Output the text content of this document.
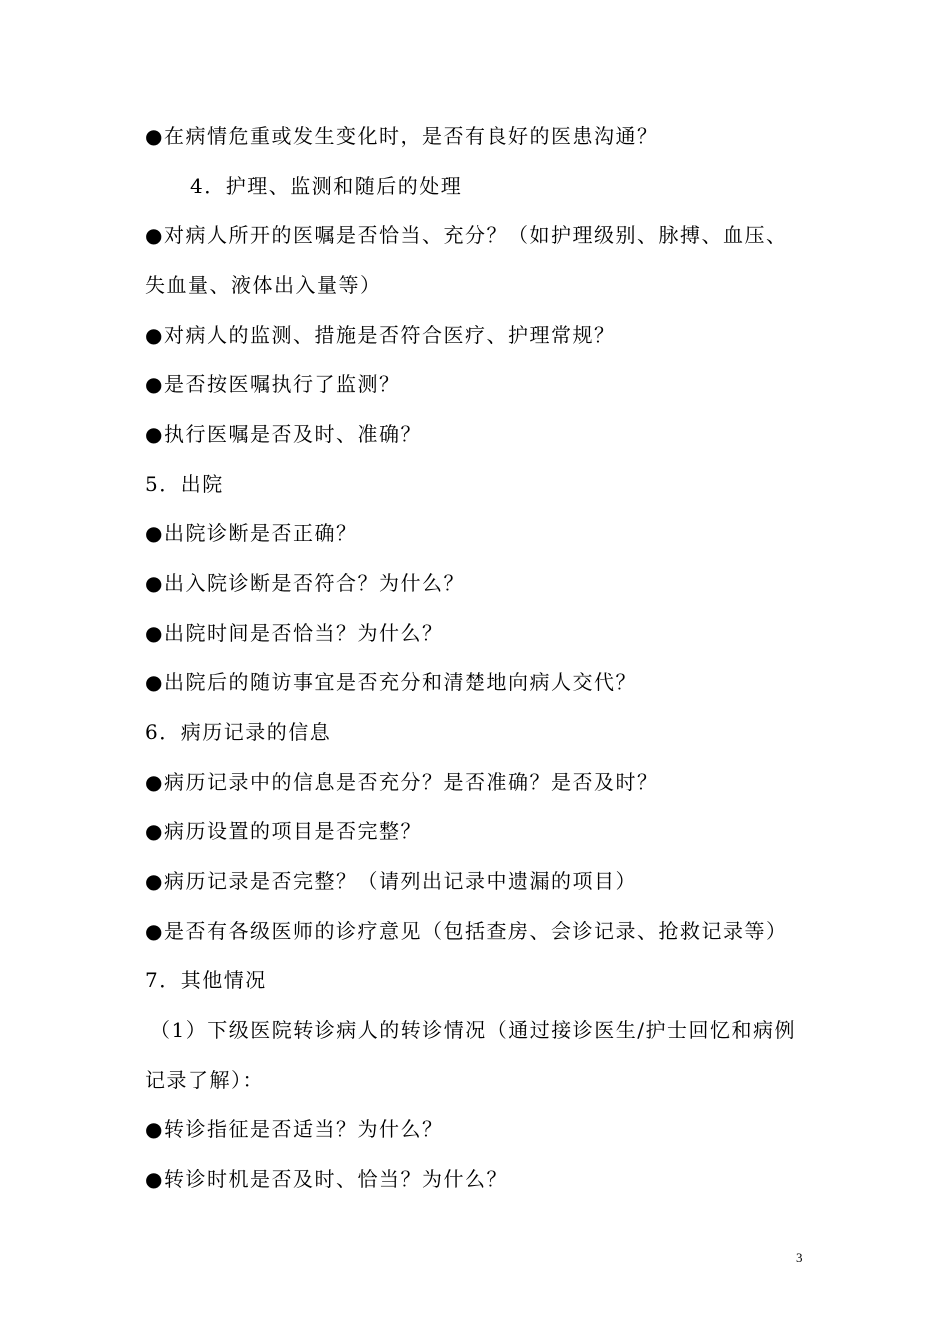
●在病情危重或发生变化时，是否有良好的医患沟通？
4．护理、监测和随后的处理
●对病人所开的医嘱是否恰当、充分？（如护理级别、脉搏、血压、
失血量、液体出入量等）
●对病人的监测、措施是否符合医疗、护理常规？
●是否按医嘱执行了监测？
●执行医嘱是否及时、准确？
5．出院
●出院诊断是否正确？
●出入院诊断是否符合？为什么？
●出院时间是否恰当？为什么？
●出院后的随访事宜是否充分和清楚地向病人交代？
6．病历记录的信息
●病历记录中的信息是否充分？是否准确？是否及时？
●病历设置的项目是否完整？
●病历记录是否完整？（请列出记录中遗漏的项目）
●是否有各级医师的诊疗意见（包括查房、会诊记录、抢救记录等）
7．其他情况
（1）下级医院转诊病人的转诊情况（通过接诊医生/护士回忆和病例
记录了解）：
●转诊指征是否适当？为什么？
●转诊时机是否及时、恰当？为什么？
3
